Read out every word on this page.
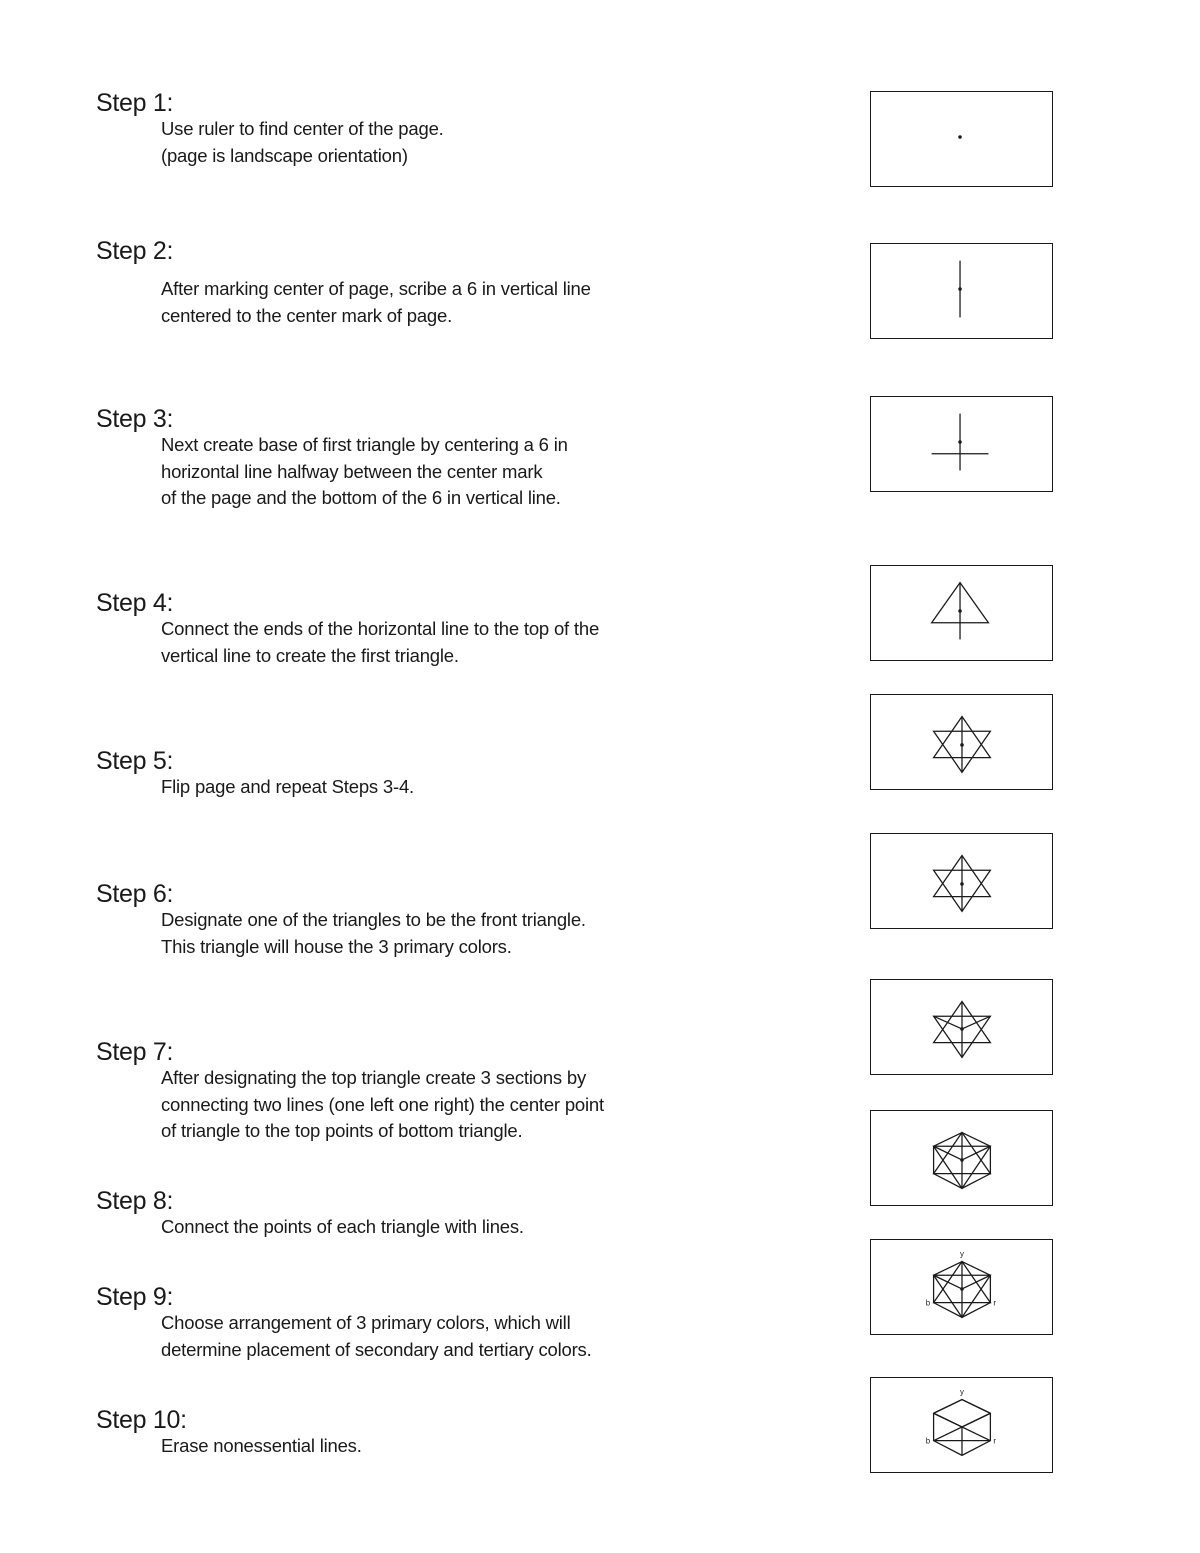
Step 1:
Use ruler to find center of the page.
(page is landscape orientation)
Step 2:
After marking center of page, scribe a 6 in vertical line
centered to the center mark of page.
Step 3:
Next create base of first triangle by centering a 6 in
horizontal line halfway between the center mark
of the page and the bottom of the 6 in vertical line.
Step 4:
Connect the ends of the horizontal line to the top of the
vertical line to create the first triangle.
Step 5:
Flip page and repeat Steps 3-4.
Step 6:
Designate one of the triangles to be the front triangle.
This triangle will house the 3 primary colors.
Step 7:
After designating the top triangle create 3 sections by
connecting two lines (one left one right) the center point
of triangle to the top points of bottom triangle.
Step 8:
Connect the points of each triangle with lines.
Step 9:
Choose arrangement of 3 primary colors, which will
determine placement of secondary and tertiary colors.
Step 10:
Erase nonessential lines.
y
b	r
y
b	r
